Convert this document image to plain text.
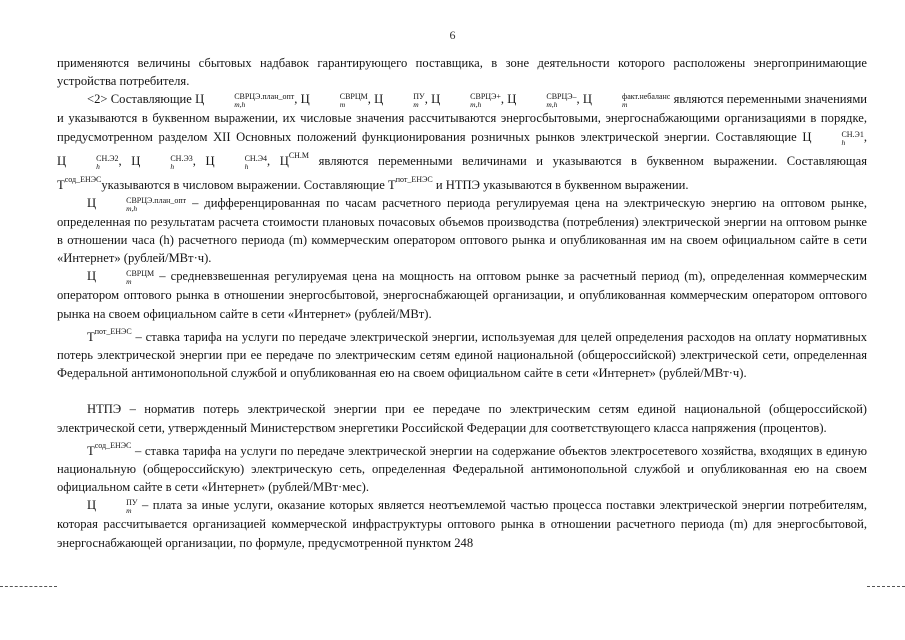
6

применяются величины сбытовых надбавок гарантирующего поставщика, в зоне деятельности которого расположены энергопринимающие устройства потребителя.

<2> Составляющие Ц	СВРЦЭ.план_опт
m,h	, Ц	СВРЦМ
m	, Ц	ПУ
m , Ц	СВРЦЭ+
m,h	, Ц	СВРЦЭ–
m,h	, Ц	факт.небаланс
m	являются переменными значениями и указываются в буквенном выражении, их числовые значения рассчитываются энергосбытовыми, энергоснабжающими организациями в порядке, предусмотренном разделом XII Основных положений функционирования розничных рынков электрической энергии. Составляющие Ц	СН.Э1
h	, Ц	СН.Э2
h	, Ц	СН.Э3
h	, Ц	СН.Э4
h	, $Ц^{СН.М}$ являются переменными величинами и указываются в буквенном выражении. Составляющая $Т^{сод\_ЕНЭС}указываются$ в числовом выражении. Составляющие $Т^{пот\_ЕНЭС}$ и НТПЭ указываются в буквенном выражении.

Ц	СВРЦЭ.план_опт
m,h	– дифференцированная по часам расчетного периода регулируемая цена на электрическую энергию на оптовом рынке, определенная по результатам расчета стоимости плановых почасовых объемов производства (потребления) электрической энергии на оптовом рынке в отношении часа (h) расчетного периода (m) коммерческим оператором оптового рынка и опубликованная им на своем официальном сайте в сети «Интернет» (рублей/МВт·ч).

Ц	СВРЦМ
m	– средневзвешенная регулируемая цена на мощность на оптовом рынке за расчетный период (m), определенная коммерческим оператором оптового рынка в отношении энергосбытовой, энергоснабжающей организации, и опубликованная коммерческим оператором оптового рынка на своем официальном сайте в сети «Интернет» (рублей/МВт).

$Т^{пот\_ЕНЭС}$ – ставка тарифа на услуги по передаче электрической энергии, используемая для целей определения расходов на оплату нормативных потерь электрической энергии при ее передаче по электрическим сетям единой национальной (общероссийской) электрической сети, определенная Федеральной антимонопольной службой и опубликованная ею на своем официальном сайте в сети «Интернет» (рублей/МВт·ч).

НТПЭ – норматив потерь электрической энергии при ее передаче по электрическим сетям единой национальной (общероссийской) электрической сети, утвержденный Министерством энергетики Российской Федерации для соответствующего класса напряжения (процентов).

$Т^{сод\_ЕНЭС}$ – ставка тарифа на услуги по передаче электрической энергии на содержание объектов электросетевого хозяйства, входящих в единую национальную (общероссийскую) электрическую сеть, определенная Федеральной антимонопольной службой и опубликованная ею на своем официальном сайте в сети «Интернет» (рублей/МВт·мес).

Ц	ПУ
m – плата за иные услуги, оказание которых является неотъемлемой частью процесса поставки электрической энергии потребителям, которая рассчитывается организацией коммерческой инфраструктуры оптового рынка в отношении расчетного периода (m) для энергосбытовой, энергоснабжающей организации, по формуле, предусмотренной пунктом 248
